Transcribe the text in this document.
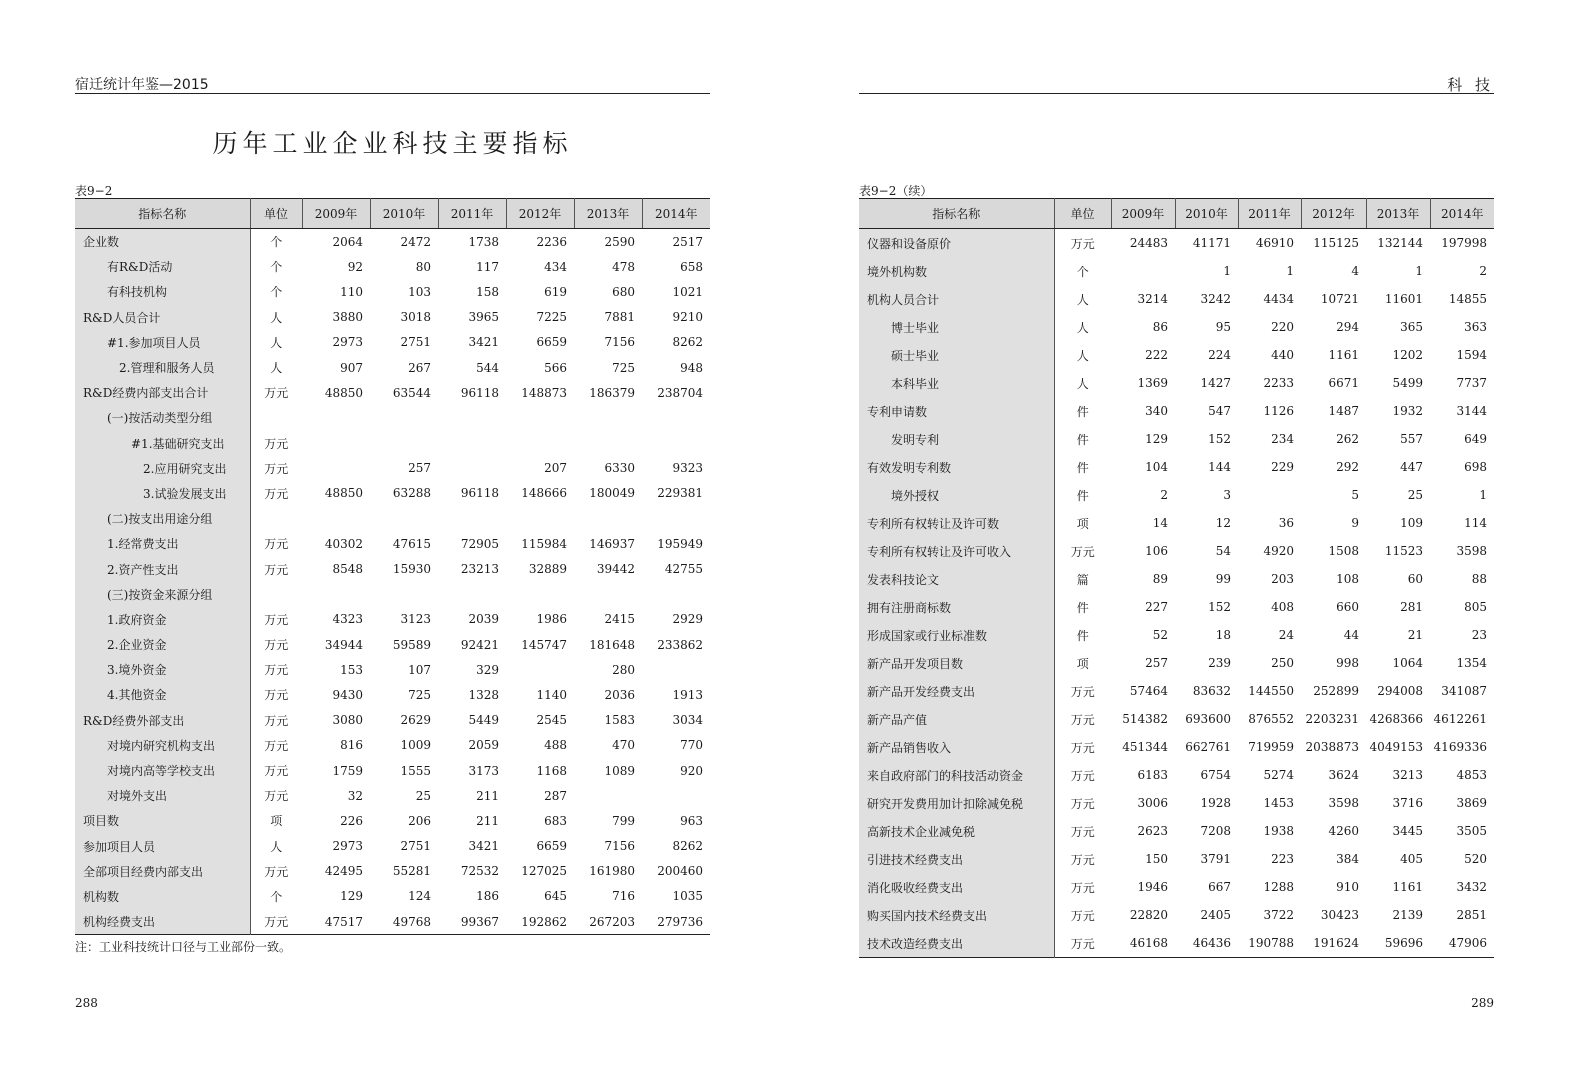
宿迁统计年鉴—2015
历年工业企业科技主要指标
表9−2
指标名称	单位	2009年	2010年	2011年	2012年	2013年	2014年
企业数	个	2064	2472	1738	2236	2590	2517
有R&D活动	个	92	80	117	434	478	658
有科技机构	个	110	103	158	619	680	1021
R&D人员合计	人	3880	3018	3965	7225	7881	9210
#1.参加项目人员	人	2973	2751	3421	6659	7156	8262
2.管理和服务人员	人	907	267	544	566	725	948
R&D经费内部支出合计	万元	48850	63544	96118	148873	186379	238704
(一)按活动类型分组							
#1.基础研究支出	万元						
2.应用研究支出	万元		257		207	6330	9323
3.试验发展支出	万元	48850	63288	96118	148666	180049	229381
(二)按支出用途分组							
1.经常费支出	万元	40302	47615	72905	115984	146937	195949
2.资产性支出	万元	8548	15930	23213	32889	39442	42755
(三)按资金来源分组							
1.政府资金	万元	4323	3123	2039	1986	2415	2929
2.企业资金	万元	34944	59589	92421	145747	181648	233862
3.境外资金	万元	153	107	329		280	
4.其他资金	万元	9430	725	1328	1140	2036	1913
R&D经费外部支出	万元	3080	2629	5449	2545	1583	3034
对境内研究机构支出	万元	816	1009	2059	488	470	770
对境内高等学校支出	万元	1759	1555	3173	1168	1089	920
对境外支出	万元	32	25	211	287		
项目数	项	226	206	211	683	799	963
参加项目人员	人	2973	2751	3421	6659	7156	8262
全部项目经费内部支出	万元	42495	55281	72532	127025	161980	200460
机构数	个	129	124	186	645	716	1035
机构经费支出	万元	47517	49768	99367	192862	267203	279736
注：工业科技统计口径与工业部份一致。
288
科 技
表9−2（续）
指标名称	单位	2009年	2010年	2011年	2012年	2013年	2014年
仪器和设备原价	万元	24483	41171	46910	115125	132144	197998
境外机构数	个		1	1	4	1	2
机构人员合计	人	3214	3242	4434	10721	11601	14855
博士毕业	人	86	95	220	294	365	363
硕士毕业	人	222	224	440	1161	1202	1594
本科毕业	人	1369	1427	2233	6671	5499	7737
专利申请数	件	340	547	1126	1487	1932	3144
发明专利	件	129	152	234	262	557	649
有效发明专利数	件	104	144	229	292	447	698
境外授权	件	2	3		5	25	1
专利所有权转让及许可数	项	14	12	36	9	109	114
专利所有权转让及许可收入	万元	106	54	4920	1508	11523	3598
发表科技论文	篇	89	99	203	108	60	88
拥有注册商标数	件	227	152	408	660	281	805
形成国家或行业标准数	件	52	18	24	44	21	23
新产品开发项目数	项	257	239	250	998	1064	1354
新产品开发经费支出	万元	57464	83632	144550	252899	294008	341087
新产品产值	万元	514382	693600	876552	2203231	4268366	4612261
新产品销售收入	万元	451344	662761	719959	2038873	4049153	4169336
来自政府部门的科技活动资金	万元	6183	6754	5274	3624	3213	4853
研究开发费用加计扣除减免税	万元	3006	1928	1453	3598	3716	3869
高新技术企业减免税	万元	2623	7208	1938	4260	3445	3505
引进技术经费支出	万元	150	3791	223	384	405	520
消化吸收经费支出	万元	1946	667	1288	910	1161	3432
购买国内技术经费支出	万元	22820	2405	3722	30423	2139	2851
技术改造经费支出	万元	46168	46436	190788	191624	59696	47906
289
